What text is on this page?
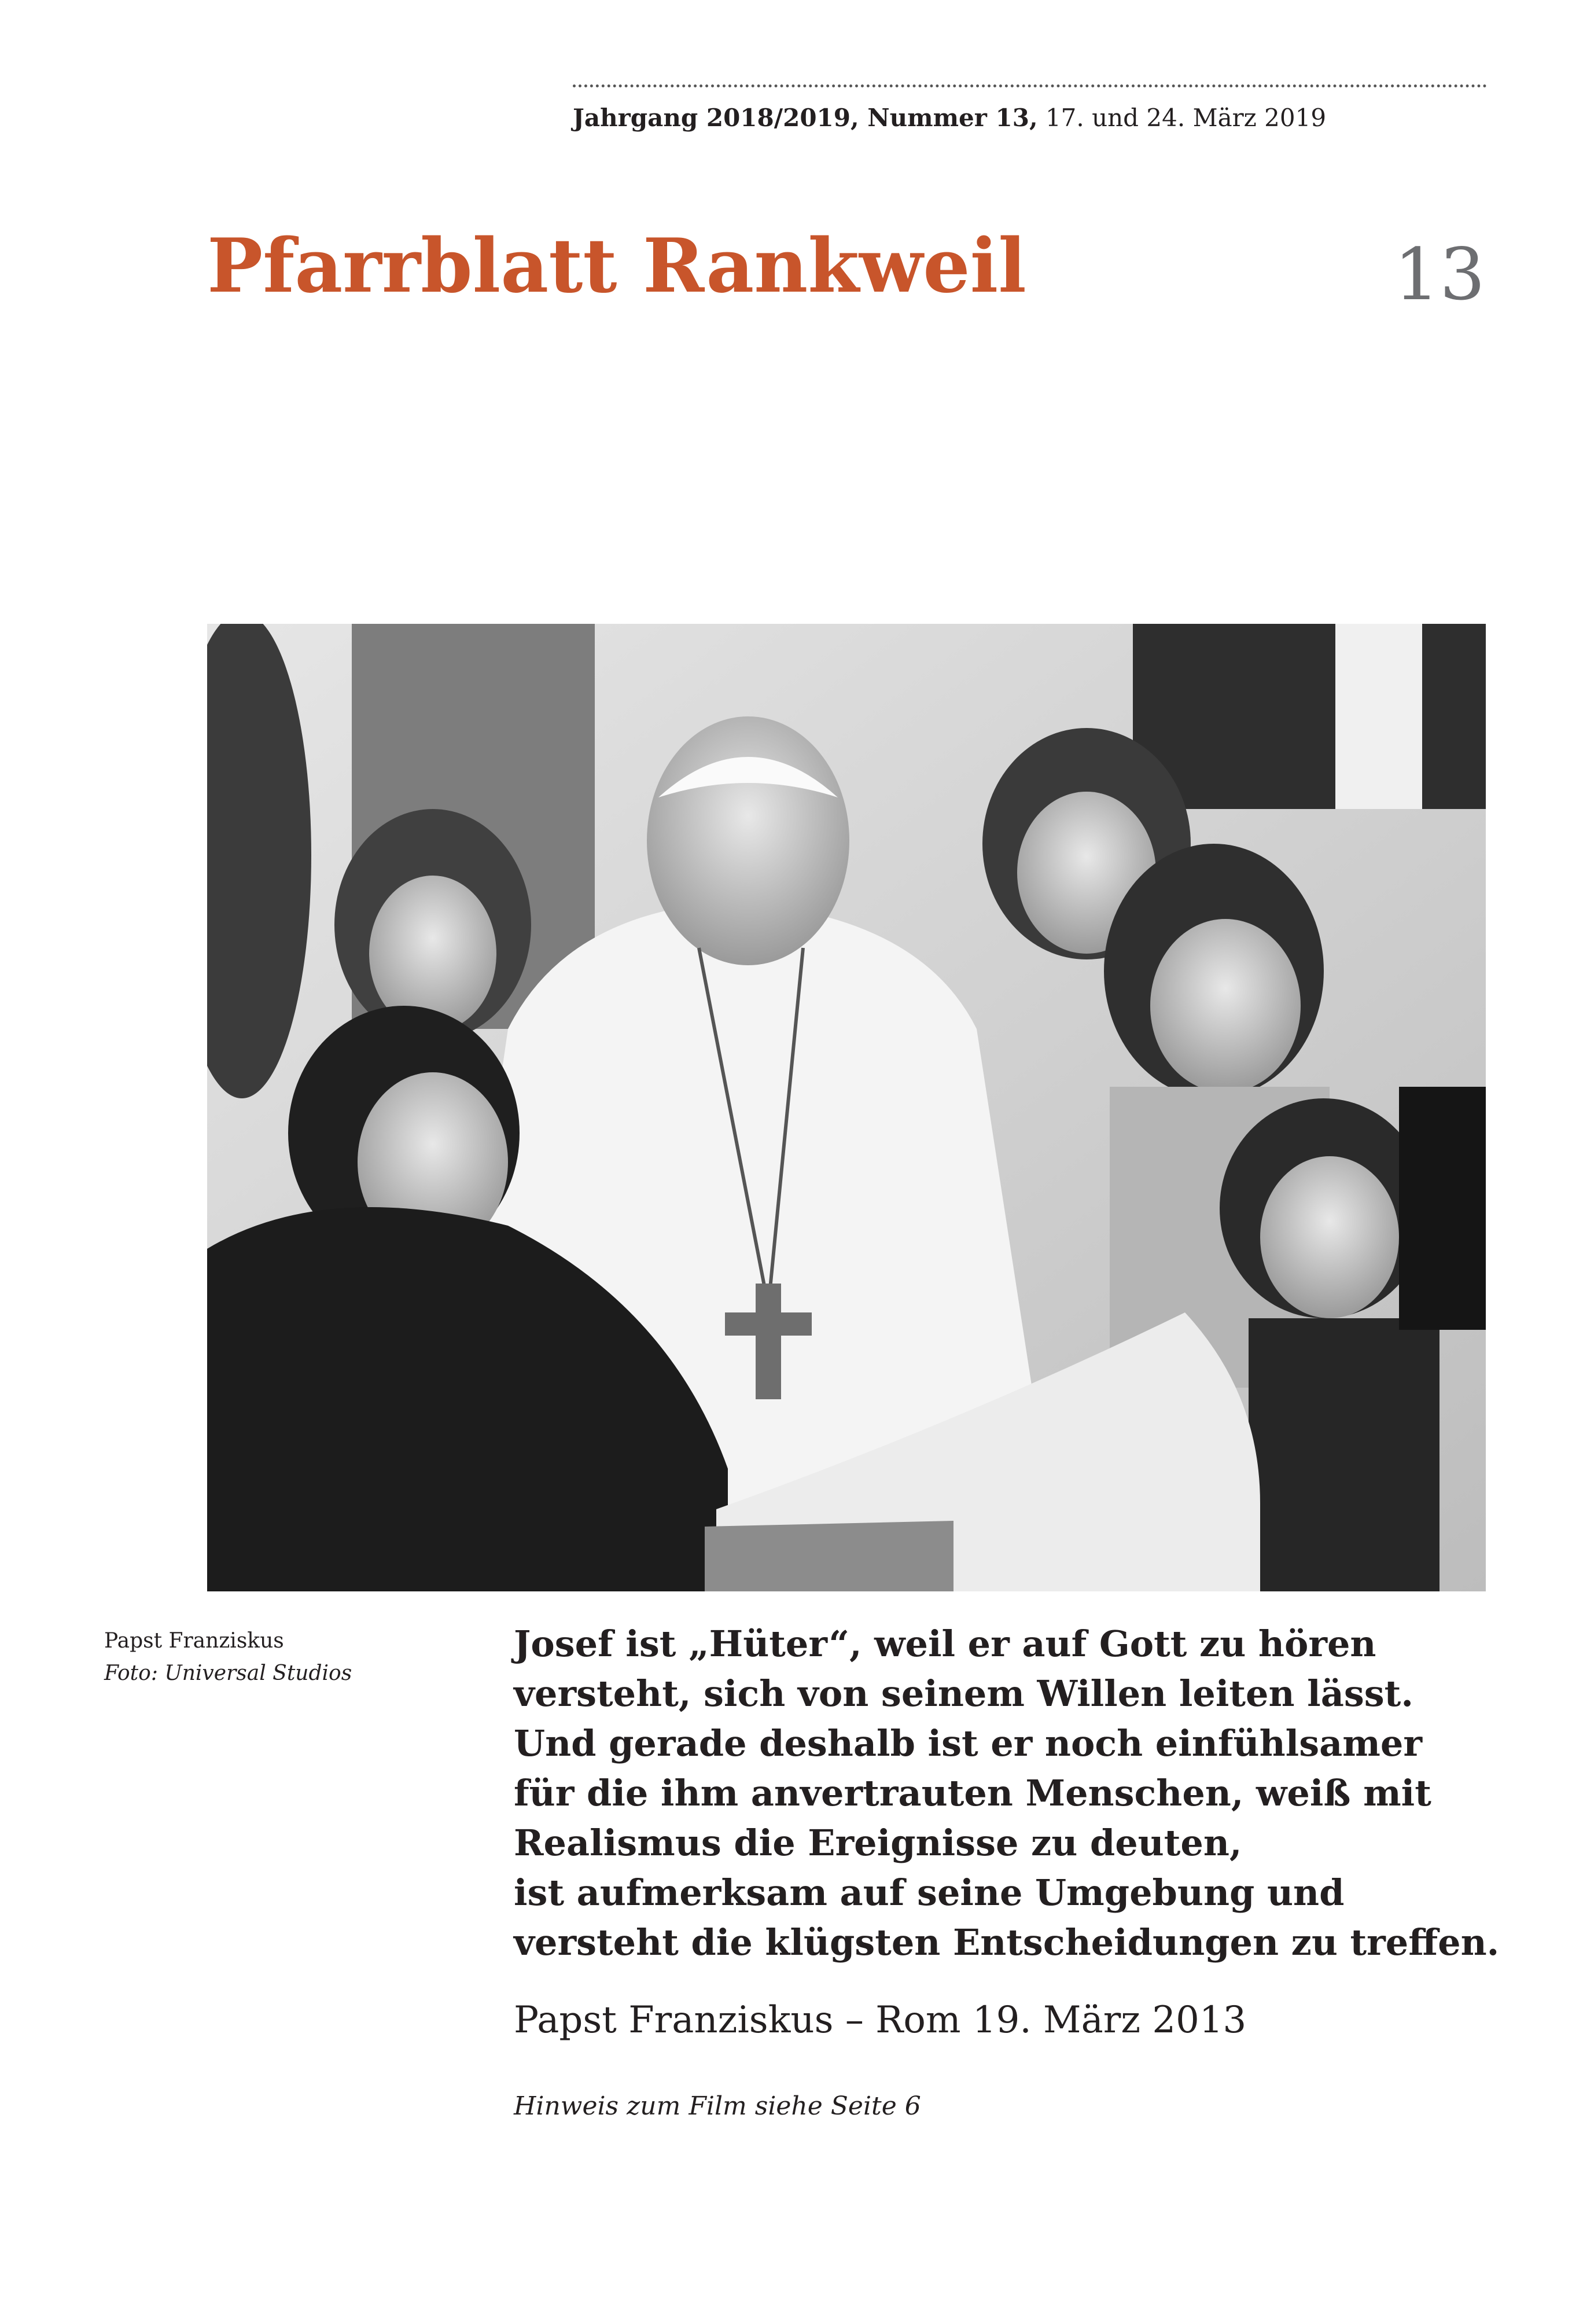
Jahrgang 2018/2019, Nummer 13, 17. und 24. März 2019
Pfarrblatt Rankweil	13
Papst Franziskus
Foto: Universal Studios

Josef ist „Hüter“, weil er auf Gott zu hören
versteht, sich von seinem Willen leiten lässt.
Und gerade deshalb ist er noch einfühlsamer
für die ihm anvertrauten Menschen, weiß mit
Realismus die Ereignisse zu deuten,
ist aufmerksam auf seine Umgebung und
versteht die klügsten Entscheidungen zu treffen.

Papst Franziskus – Rom 19. März 2013
Hinweis zum Film siehe Seite 6
